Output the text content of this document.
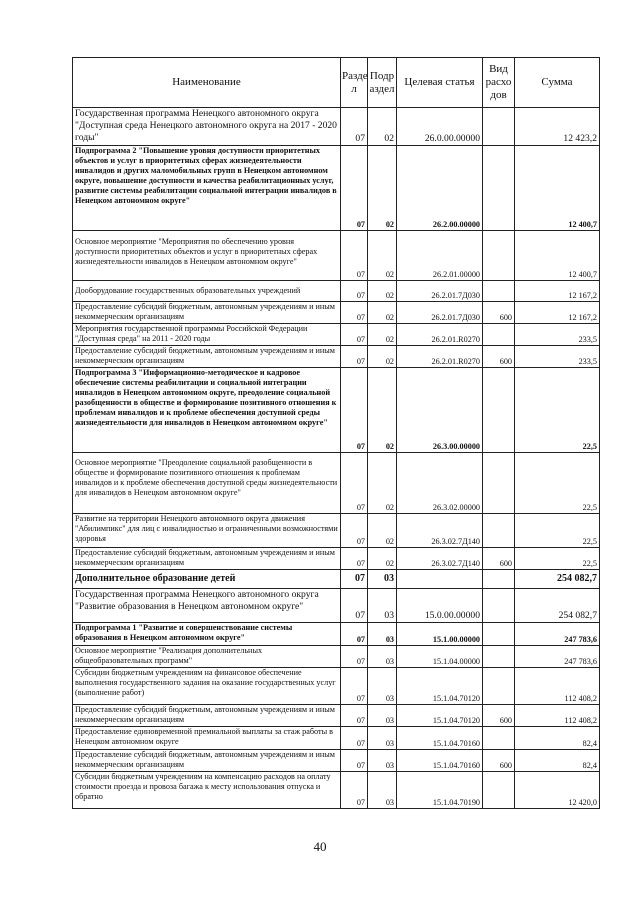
Наименование	Разде л	Подр аздел	Целевая статья	Вид расхо дов	Сумма
Государственная программа Ненецкого автономного округа "Доступная среда Ненецкого автономного округа на 2017 - 2020 годы"	07	02	26.0.00.00000		12 423,2
Подпрограмма 2 "Повышение уровня доступности приоритетных объектов и услуг в приоритетных сферах жизнедеятельности инвалидов и других маломобильных групп в Ненецком автономном округе, повышение доступности и качества реабилитационных услуг, развитие системы реабилитации социальной интеграции инвалидов в Ненецком автономном округе"	07	02	26.2.00.00000		12 400,7
Основное мероприятие "Мероприятия по обеспечению уровня доступности приоритетных объектов и услуг в приоритетных сферах жизнедеятельности инвалидов в Ненецком автономном округе"	07	02	26.2.01.00000		12 400,7
Дооборудование государственных образовательных учреждений	07	02	26.2.01.7Д030		12 167,2
Предоставление субсидий бюджетным, автономным учреждениям и иным некоммерческим организациям	07	02	26.2.01.7Д030	600	12 167,2
Мероприятия государственной программы Российской Федерации "Доступная среда" на 2011 - 2020 годы	07	02	26.2.01.R0270		233,5
Предоставление субсидий бюджетным, автономным учреждениям и иным некоммерческим организациям	07	02	26.2.01.R0270	600	233,5
Подпрограмма 3 "Информационно-методическое и кадровое обеспечение системы реабилитации и социальной интеграции инвалидов в Ненецком автономном округе, преодоление социальной разобщенности в обществе и формирование позитивного отношения к проблемам инвалидов и к проблеме обеспечения доступной среды жизнедеятельности для инвалидов в Ненецком автономном округе"	07	02	26.3.00.00000		22,5
Основное мероприятие "Преодоление социальной разобщенности в обществе и формирование позитивного отношения к проблемам инвалидов и к проблеме обеспечения доступной среды жизнедеятельности для инвалидов в Ненецком автономном округе"	07	02	26.3.02.00000		22,5
Развитие на территории Ненецкого автономного округа движения "Абилимпикс" для лиц с инвалидностью и ограниченными возможностями здоровья	07	02	26.3.02.7Д140		22,5
Предоставление субсидий бюджетным, автономным учреждениям и иным некоммерческим организациям	07	02	26.3.02.7Д140	600	22,5
Дополнительное образование детей	07	03			254 082,7
Государственная программа Ненецкого автономного округа "Развитие образования в Ненецком автономном округе"	07	03	15.0.00.00000		254 082,7
Подпрограмма 1 "Развитие и совершенствование системы образования в Ненецком автономном округе"	07	03	15.1.00.00000		247 783,6
Основное мероприятие "Реализация дополнительных общеобразовательных программ"	07	03	15.1.04.00000		247 783,6
Субсидии бюджетным учреждениям на финансовое обеспечение выполнения государственного задания на оказание государственных услуг (выполнение работ)	07	03	15.1.04.70120		112 408,2
Предоставление субсидий бюджетным, автономным учреждениям и иным некоммерческим организациям	07	03	15.1.04.70120	600	112 408,2
Предоставление единовременной премиальной выплаты за стаж работы в Ненецком автономном округе	07	03	15.1.04.70160		82,4
Предоставление субсидий бюджетным, автономным учреждениям и иным некоммерческим организациям	07	03	15.1.04.70160	600	82,4
Субсидии бюджетным учреждениям на компенсацию расходов на оплату стоимости проезда и провоза багажа к месту использования отпуска и обратно	07	03	15.1.04.70190		12 420,0
40
